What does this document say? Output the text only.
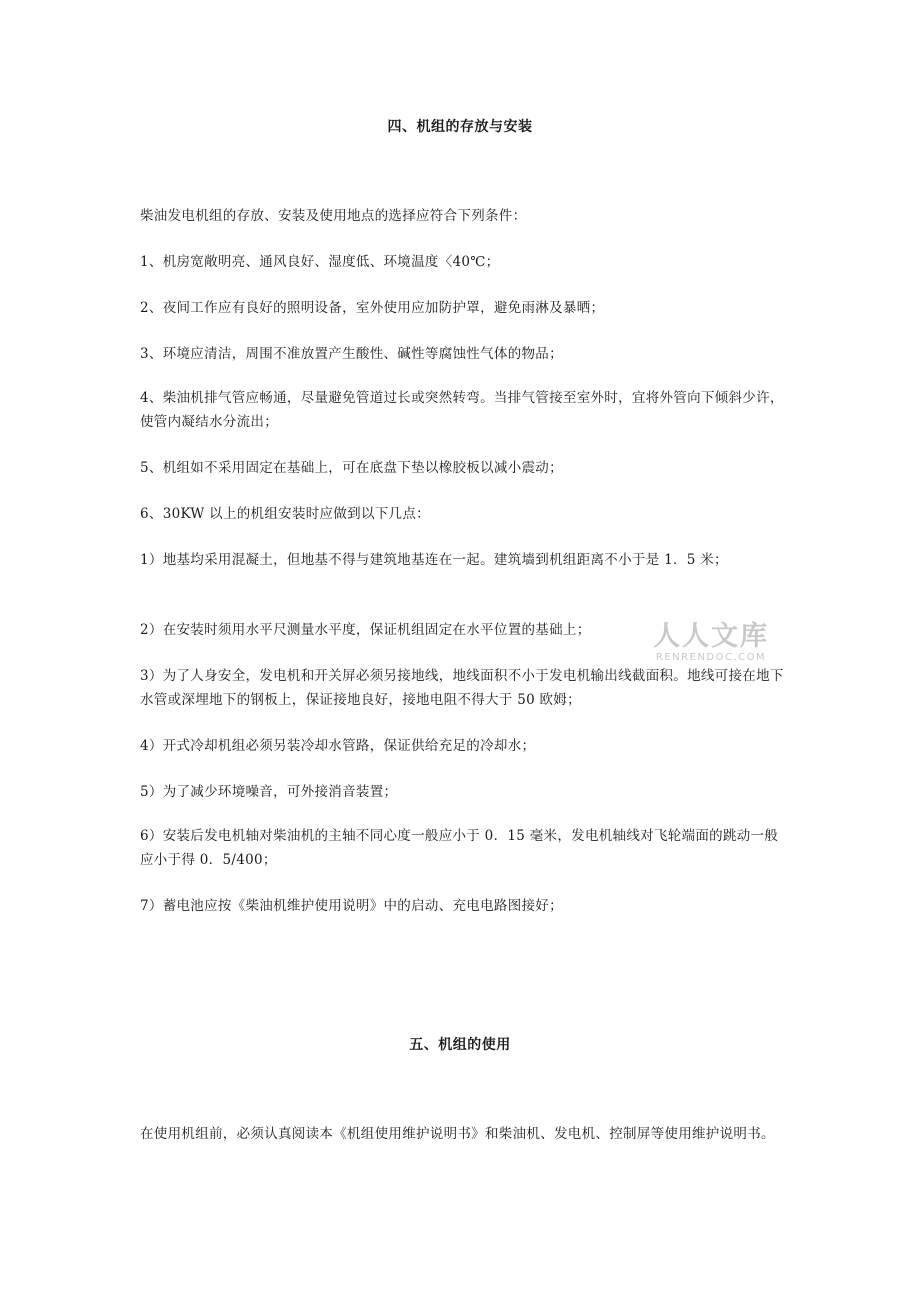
四、机组的存放与安装
柴油发电机组的存放、安装及使用地点的选择应符合下列条件：
1、机房宽敞明亮、通风良好、湿度低、环境温度〈40℃；
2、夜间工作应有良好的照明设备，室外使用应加防护罩，避免雨淋及暴晒；
3、环境应清洁，周围不准放置产生酸性、碱性等腐蚀性气体的物品；
4、柴油机排气管应畅通，尽量避免管道过长或突然转弯。当排气管接至室外时，宜将外管向下倾斜少许，使管内凝结水分流出；
5、机组如不采用固定在基础上，可在底盘下垫以橡胶板以减小震动；
6、30KW 以上的机组安装时应做到以下几点：
1）地基均采用混凝土，但地基不得与建筑地基连在一起。建筑墙到机组距离不小于是 1．5 米；
2）在安装时须用水平尺测量水平度，保证机组固定在水平位置的基础上；
3）为了人身安全，发电机和开关屏必须另接地线，地线面积不小于发电机输出线截面积。地线可接在地下水管或深埋地下的钢板上，保证接地良好，接地电阻不得大于 50 欧姆；
4）开式冷却机组必须另装冷却水管路，保证供给充足的冷却水；
5）为了减少环境噪音，可外接消音装置；
6）安装后发电机轴对柴油机的主轴不同心度一般应小于 0．15 毫米，发电机轴线对飞轮端面的跳动一般应小于得 0．5/400；
7）蓄电池应按《柴油机维护使用说明》中的启动、充电电路图接好；
五、机组的使用
在使用机组前，必须认真阅读本《机组使用维护说明书》和柴油机、发电机、控制屏等使用维护说明书。
人人文库
RENRENDOC.COM
